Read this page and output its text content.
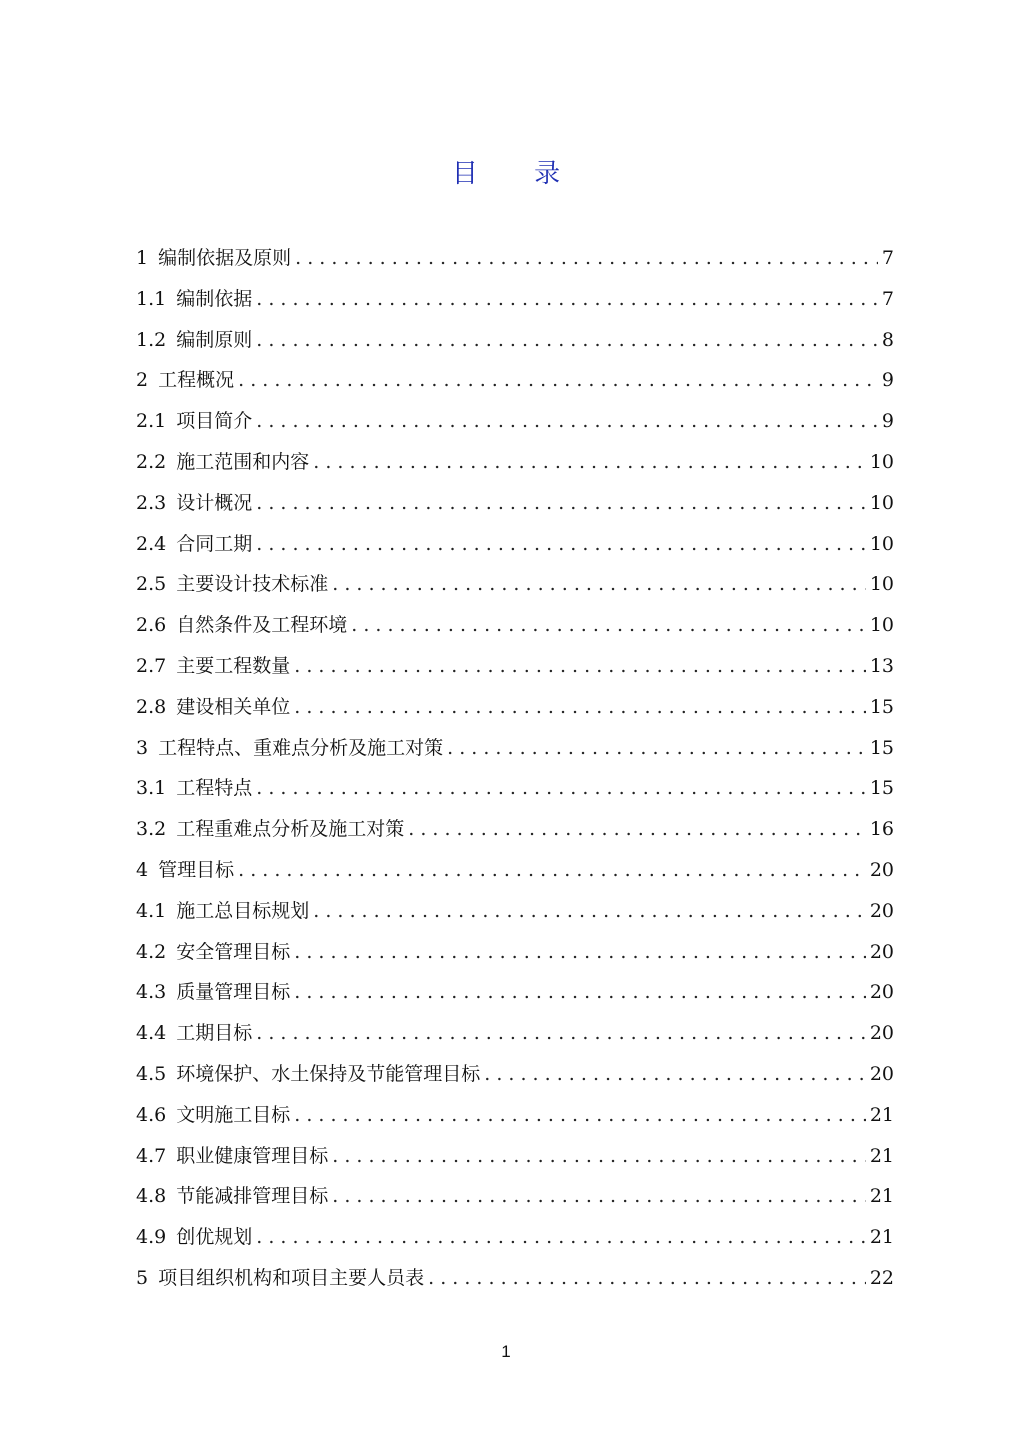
目 录
1 编制依据及原则 . . .	7
1.1 编制依据 . . .	7
1.2 编制原则 . . .	8
2 工程概况 . . .	9
2.1 项目简介 . . .	9
2.2 施工范围和内容 . . .	10
2.3 设计概况 . . .	10
2.4 合同工期 . . .	10
2.5 主要设计技术标准 . . .	10
2.6 自然条件及工程环境 . . .	10
2.7 主要工程数量 . . .	13
2.8 建设相关单位 . . .	15
3 工程特点、重难点分析及施工对策 . . .	15
3.1 工程特点 . . .	15
3.2 工程重难点分析及施工对策 . . .	16
4 管理目标 . . .	20
4.1 施工总目标规划 . . .	20
4.2 安全管理目标 . . .	20
4.3 质量管理目标 . . .	20
4.4 工期目标 . . .	20
4.5 环境保护、水土保持及节能管理目标 . . .	20
4.6 文明施工目标 . . .	21
4.7 职业健康管理目标 . . .	21
4.8 节能减排管理目标 . . .	21
4.9 创优规划 . . .	21
5 项目组织机构和项目主要人员表 . . .	22
1
